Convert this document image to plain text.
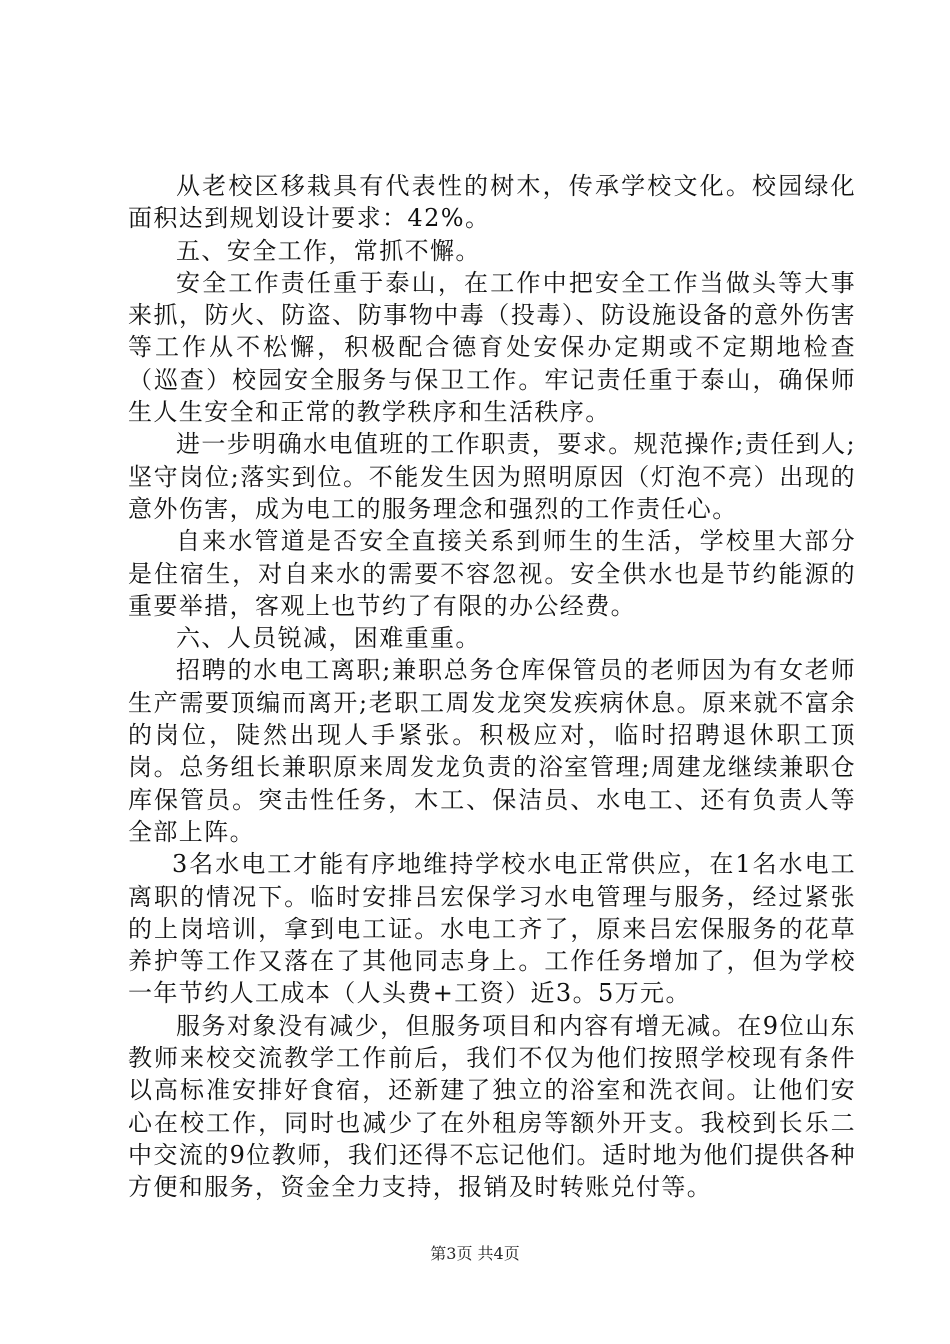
从老校区移栽具有代表性的树木，传承学校文化。校园绿化面积达到规划设计要求：42%。

五、安全工作，常抓不懈。

安全工作责任重于泰山，在工作中把安全工作当做头等大事来抓，防火、防盗、防事物中毒（投毒）、防设施设备的意外伤害等工作从不松懈，积极配合德育处安保办定期或不定期地检查（巡查）校园安全服务与保卫工作。牢记责任重于泰山，确保师生人生安全和正常的教学秩序和生活秩序。

进一步明确水电值班的工作职责，要求。规范操作;责任到人;坚守岗位;落实到位。不能发生因为照明原因（灯泡不亮）出现的意外伤害，成为电工的服务理念和强烈的工作责任心。

自来水管道是否安全直接关系到师生的生活，学校里大部分是住宿生，对自来水的需要不容忽视。安全供水也是节约能源的重要举措，客观上也节约了有限的办公经费。

六、人员锐减，困难重重。

招聘的水电工离职;兼职总务仓库保管员的老师因为有女老师生产需要顶编而离开;老职工周发龙突发疾病休息。原来就不富余的岗位，陡然出现人手紧张。积极应对，临时招聘退休职工顶岗。总务组长兼职原来周发龙负责的浴室管理;周建龙继续兼职仓库保管员。突击性任务，木工、保洁员、水电工、还有负责人等全部上阵。

3名水电工才能有序地维持学校水电正常供应，在1名水电工离职的情况下。临时安排吕宏保学习水电管理与服务，经过紧张的上岗培训，拿到电工证。水电工齐了，原来吕宏保服务的花草养护等工作又落在了其他同志身上。工作任务增加了，但为学校一年节约人工成本（人头费+工资）近3。5万元。

服务对象没有减少，但服务项目和内容有增无减。在9位山东教师来校交流教学工作前后，我们不仅为他们按照学校现有条件以高标准安排好食宿，还新建了独立的浴室和洗衣间。让他们安心在校工作，同时也减少了在外租房等额外开支。我校到长乐二中交流的9位教师，我们还得不忘记他们。适时地为他们提供各种方便和服务，资金全力支持，报销及时转账兑付等。

第3页 共4页
